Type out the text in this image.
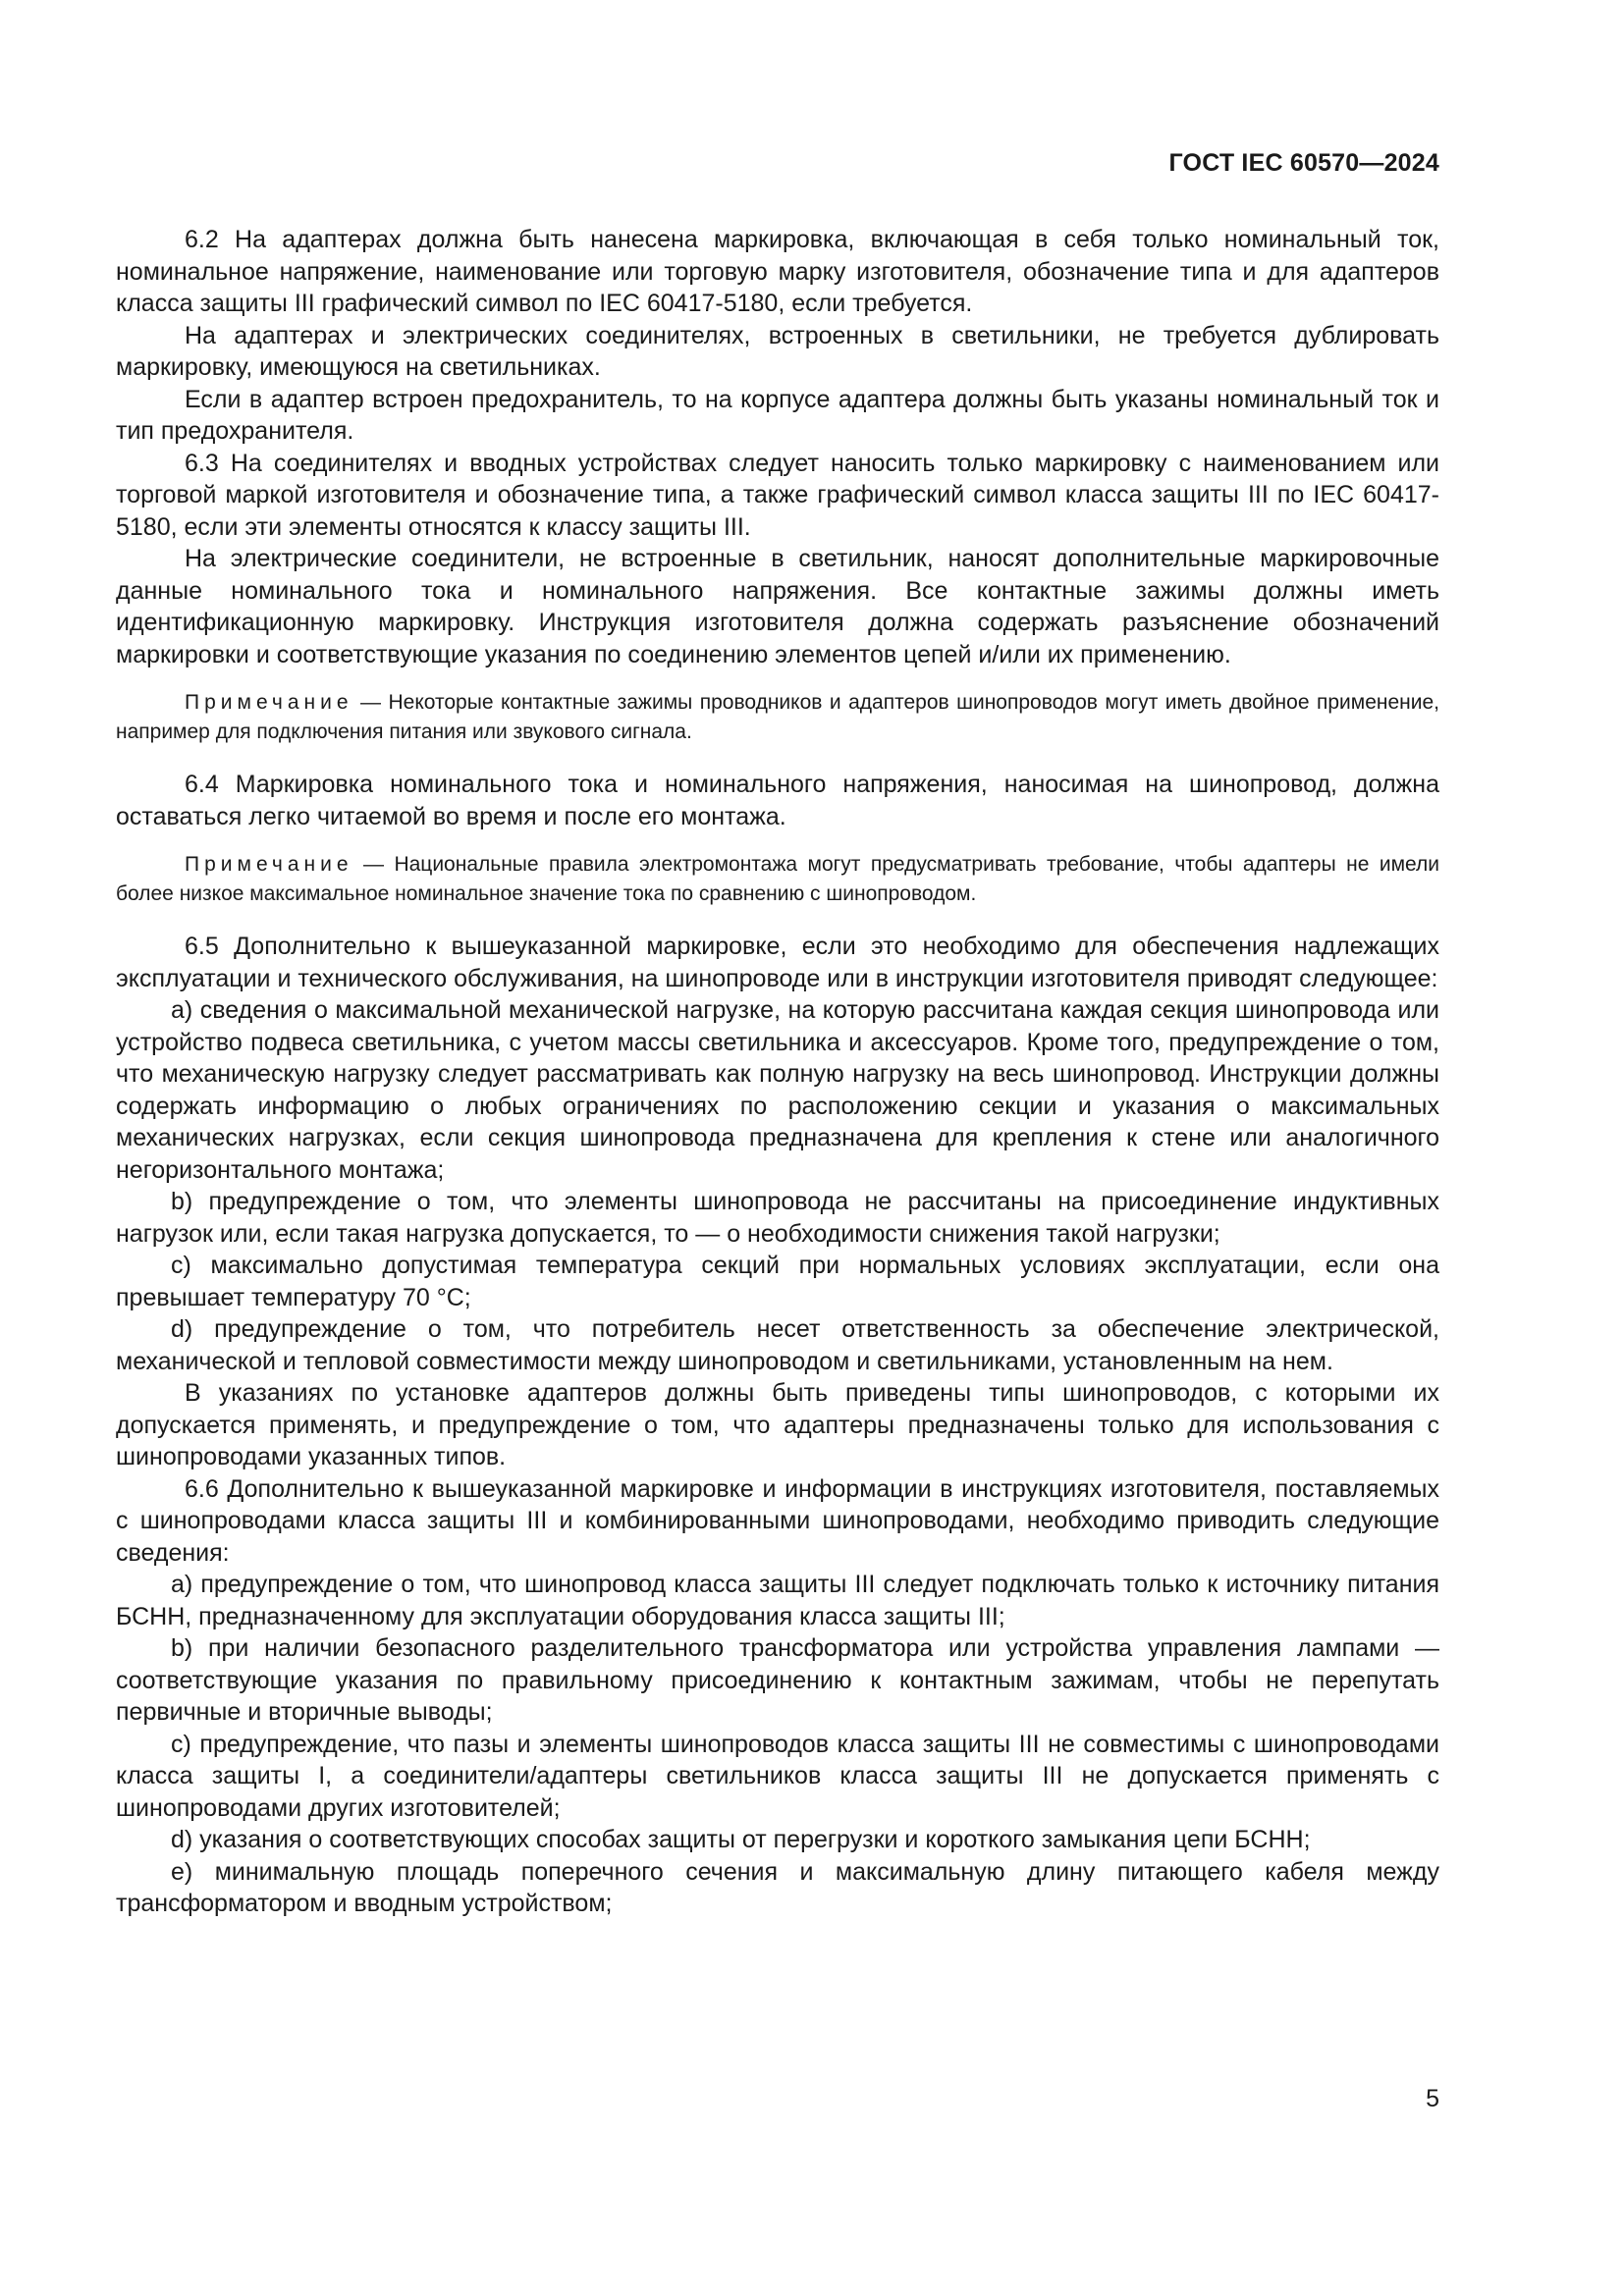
ГОСТ IEC 60570—2024

6.2 На адаптерах должна быть нанесена маркировка, включающая в себя только номинальный ток, номинальное напряжение, наименование или торговую марку изготовителя, обозначение типа и для адаптеров класса защиты III графический символ по IEC 60417-5180, если требуется.

На адаптерах и электрических соединителях, встроенных в светильники, не требуется дублировать маркировку, имеющуюся на светильниках.

Если в адаптер встроен предохранитель, то на корпусе адаптера должны быть указаны номинальный ток и тип предохранителя.

6.3 На соединителях и вводных устройствах следует наносить только маркировку с наименованием или торговой маркой изготовителя и обозначение типа, а также графический символ класса защиты III по IEC 60417-5180, если эти элементы относятся к классу защиты III.

На электрические соединители, не встроенные в светильник, наносят дополнительные маркировочные данные номинального тока и номинального напряжения. Все контактные зажимы должны иметь идентификационную маркировку. Инструкция изготовителя должна содержать разъяснение обозначений маркировки и соответствующие указания по соединению элементов цепей и/или их применению.

Примечание — Некоторые контактные зажимы проводников и адаптеров шинопроводов могут иметь двойное применение, например для подключения питания или звукового сигнала.

6.4 Маркировка номинального тока и номинального напряжения, наносимая на шинопровод, должна оставаться легко читаемой во время и после его монтажа.

Примечание — Национальные правила электромонтажа могут предусматривать требование, чтобы адаптеры не имели более низкое максимальное номинальное значение тока по сравнению с шинопроводом.

6.5 Дополнительно к вышеуказанной маркировке, если это необходимо для обеспечения надлежащих эксплуатации и технического обслуживания, на шинопроводе или в инструкции изготовителя приводят следующее:

а) сведения о максимальной механической нагрузке, на которую рассчитана каждая секция шинопровода или устройство подвеса светильника, с учетом массы светильника и аксессуаров. Кроме того, предупреждение о том, что механическую нагрузку следует рассматривать как полную нагрузку на весь шинопровод. Инструкции должны содержать информацию о любых ограничениях по расположению секции и указания о максимальных механических нагрузках, если секция шинопровода предназначена для крепления к стене или аналогичного негоризонтального монтажа;

b) предупреждение о том, что элементы шинопровода не рассчитаны на присоединение индуктивных нагрузок или, если такая нагрузка допускается, то — о необходимости снижения такой нагрузки;

c) максимально допустимая температура секций при нормальных условиях эксплуатации, если она превышает температуру 70 °С;

d) предупреждение о том, что потребитель несет ответственность за обеспечение электрической, механической и тепловой совместимости между шинопроводом и светильниками, установленным на нем.

В указаниях по установке адаптеров должны быть приведены типы шинопроводов, с которыми их допускается применять, и предупреждение о том, что адаптеры предназначены только для использования с шинопроводами указанных типов.

6.6 Дополнительно к вышеуказанной маркировке и информации в инструкциях изготовителя, поставляемых с шинопроводами класса защиты III и комбинированными шинопроводами, необходимо приводить следующие сведения:

а) предупреждение о том, что шинопровод класса защиты III следует подключать только к источнику питания БСНН, предназначенному для эксплуатации оборудования класса защиты III;

b) при наличии безопасного разделительного трансформатора или устройства управления лампами — соответствующие указания по правильному присоединению к контактным зажимам, чтобы не перепутать первичные и вторичные выводы;

c) предупреждение, что пазы и элементы шинопроводов класса защиты III не совместимы с шинопроводами класса защиты I, а соединители/адаптеры светильников класса защиты III не допускается применять с шинопроводами других изготовителей;

d) указания о соответствующих способах защиты от перегрузки и короткого замыкания цепи БСНН;

е) минимальную площадь поперечного сечения и максимальную длину питающего кабеля между трансформатором и вводным устройством;

5
